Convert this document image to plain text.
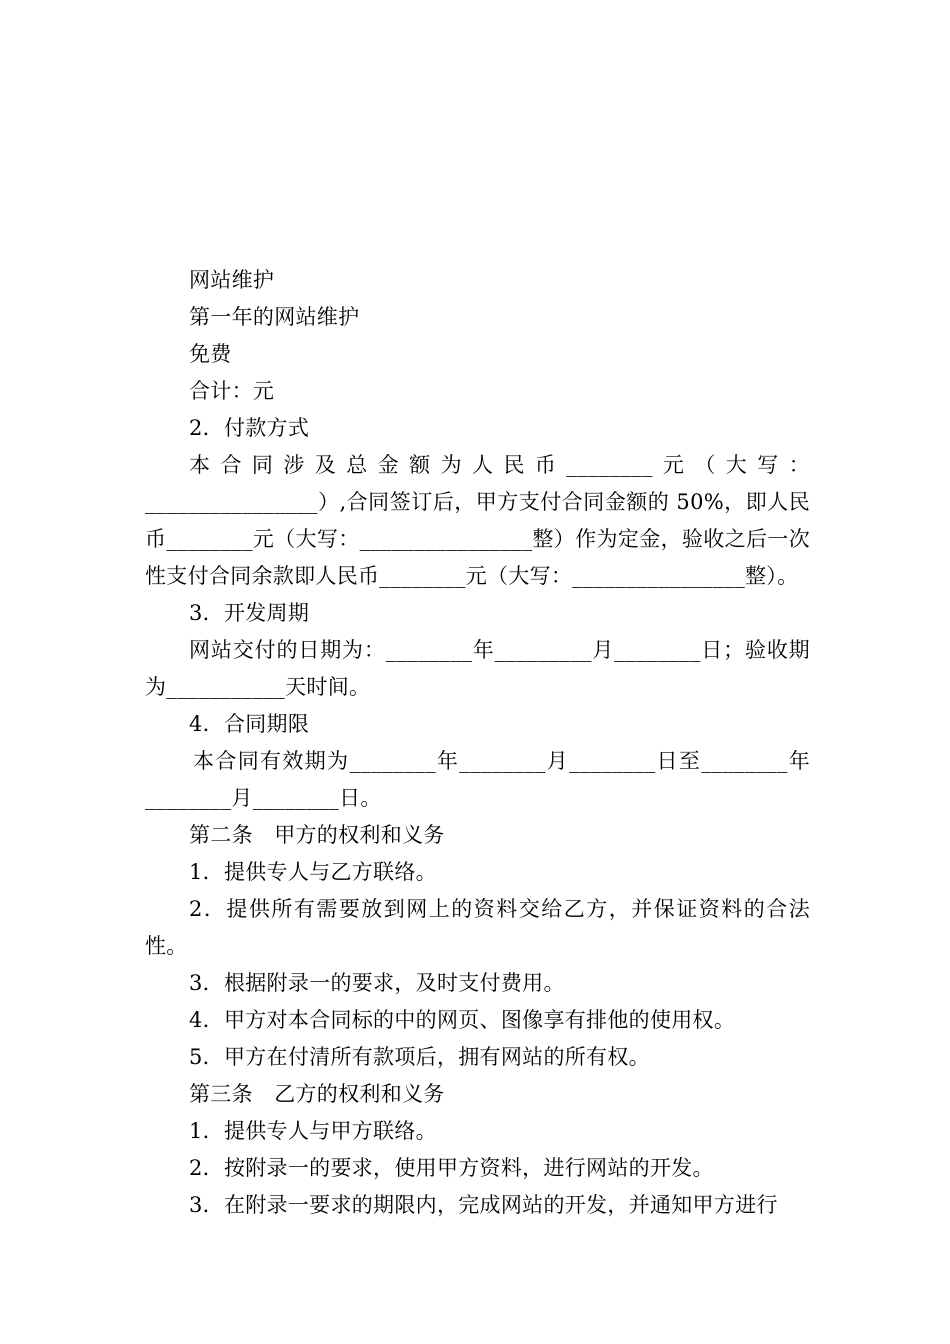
网站维护

第一年的网站维护

免费

合计：元

2．付款方式

本合同涉及总金额为人民币________元（大写：________________）,合同签订后，甲方支付合同金额的 50%，即人民币________元（大写：________________整）作为定金，验收之后一次性支付合同余款即人民币________元（大写：________________整）。

3．开发周期

网站交付的日期为：________年_________月________日；验收期为___________天时间。

4．合同期限

本合同有效期为________年________月________日至________年________月________日。

第二条　甲方的权利和义务

1．提供专人与乙方联络。

2．提供所有需要放到网上的资料交给乙方，并保证资料的合法性。

3．根据附录一的要求，及时支付费用。

4．甲方对本合同标的中的网页、图像享有排他的使用权。

5．甲方在付清所有款项后，拥有网站的所有权。

第三条　乙方的权利和义务

1．提供专人与甲方联络。

2．按附录一的要求，使用甲方资料，进行网站的开发。

3．在附录一要求的期限内，完成网站的开发，并通知甲方进行
